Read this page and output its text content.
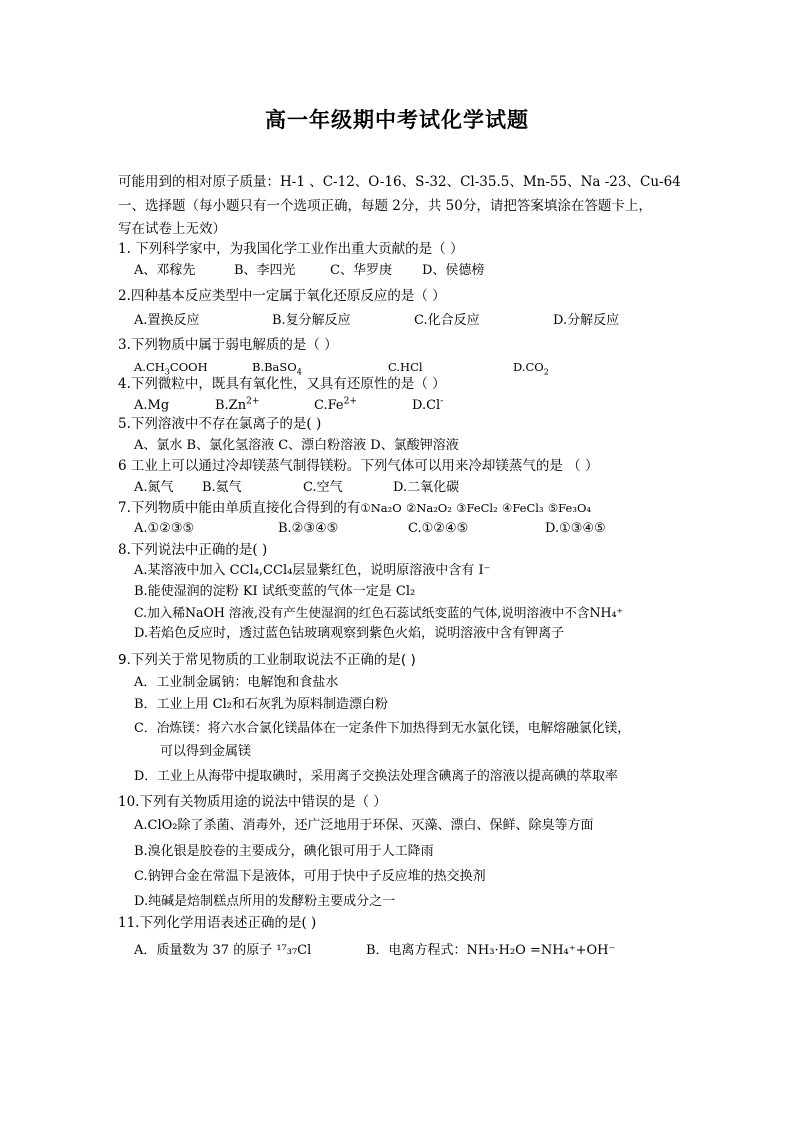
高一年级期中考试化学试题
可能用到的相对原子质量：H-1 、C-12、O-16、S-32、Cl-35.5、Mn-55、Na -23、Cu-64
一、选择题（每小题只有一个选项正确，每题 2分，共 50分，请把答案填涂在答题卡上，
写在试卷上无效）
1. 下列科学家中，为我国化学工业作出重大贡献的是（ ）
A、邓稼先	B、李四光	C、华罗庚 D、侯德榜
2.四种基本反应类型中一定属于氧化还原反应的是（ ）
A.置换反应	B.复分解反应	C.化合反应	D.分解反应
3.下列物质中属于弱电解质的是（ ）
$A.CH_3COOH$	B.BaSO$_4$	C.HCl	$D.CO_2$
4.下列微粒中，既具有氧化性，又具有还原性的是（ ）
A.Mg	$B.Zn^{2+}$	$C.Fe^{2+}$	D.Cl-
5.下列溶液中不存在氯离子的是( )
A、氯水 B、氯化氢溶液 C、漂白粉溶液 D、氯酸钾溶液
6 工业上可以通过冷却镁蒸气制得镁粉。下列气体可以用来冷却镁蒸气的是 （ ）
A.氮气 B.氦气	C.空气	D.二氧化碳
7.下列物质中能由单质直接化合得到的有①Na₂O ②Na₂O₂ ③FeCl₂ ④FeCl₃ ⑤Fe₃O₄
A.①②③⑤	B.②③④⑤	C.①②④⑤	D.①③④⑤
8.下列说法中正确的是( )
A.某溶液中加入 CCl₄,CCl₄层显紫红色，说明原溶液中含有 I⁻
B.能使湿润的淀粉 KI 试纸变蓝的气体一定是 Cl₂
C.加入稀NaOH 溶液,没有产生使湿润的红色石蕊试纸变蓝的气体,说明溶液中不含NH₄⁺
D.若焰色反应时，透过蓝色钴玻璃观察到紫色火焰，说明溶液中含有钾离子
9.下列关于常见物质的工业制取说法不正确的是( )
A．工业制金属钠：电解饱和食盐水
B．工业上用 Cl₂和石灰乳为原料制造漂白粉
C．冶炼镁：将六水合氯化镁晶体在一定条件下加热得到无水氯化镁，电解熔融氯化镁，
可以得到金属镁
D．工业上从海带中提取碘时，采用离子交换法处理含碘离子的溶液以提高碘的萃取率
10.下列有关物质用途的说法中错误的是（ ）
A.ClO₂除了杀菌、消毒外，还广泛地用于环保、灭藻、漂白、保鲜、除臭等方面
B.溴化银是胶卷的主要成分，碘化银可用于人工降雨
C.钠钾合金在常温下是液体，可用于快中子反应堆的热交换剂
D.纯碱是焙制糕点所用的发酵粉主要成分之一
11.下列化学用语表述正确的是( )
A．质量数为 37 的原子 ¹⁷₃₇Cl	B．电离方程式：NH₃·H₂O =NH₄⁺+OH⁻
